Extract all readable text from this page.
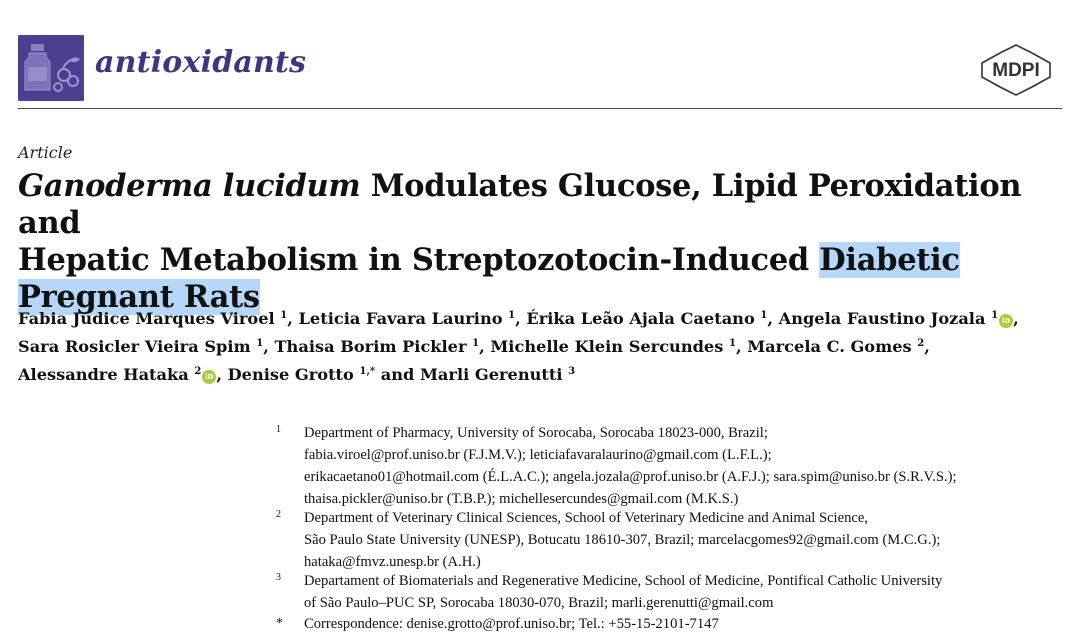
antioxidants	MDPI
Article
Ganoderma lucidum Modulates Glucose, Lipid Peroxidation and
Hepatic Metabolism in Streptozotocin-Induced Diabetic
Pregnant Rats
Fabia Judice Marques Viroel $^1$, Leticia Favara Laurino $^1$, Érika Leão Ajala Caetano $^1$, Angela Faustino Jozala $^1$ iD ,
Sara Rosicler Vieira Spim $^1$, Thaisa Borim Pickler $^1$, Michelle Klein Sercundes $^1$, Marcela C. Gomes $^2$,
Alessandre Hataka $^2$ iD , Denise Grotto $^{1,*}$ and Marli Gerenutti $^3$
1 Department of Pharmacy, University of Sorocaba, Sorocaba 18023-000, Brazil;
fabia.viroel@prof.uniso.br (F.J.M.V.); leticiafavaralaurino@gmail.com (L.F.L.);
erikacaetano01@hotmail.com (É.L.A.C.); angela.jozala@prof.uniso.br (A.F.J.); sara.spim@uniso.br (S.R.V.S.);
thaisa.pickler@uniso.br (T.B.P.); michellesercundes@gmail.com (M.K.S.)
2 Department of Veterinary Clinical Sciences, School of Veterinary Medicine and Animal Science,
São Paulo State University (UNESP), Botucatu 18610-307, Brazil; marcelacgomes92@gmail.com (M.C.G.);
hataka@fmvz.unesp.br (A.H.)
3 Departament of Biomaterials and Regenerative Medicine, School of Medicine, Pontifical Catholic University
of São Paulo–PUC SP, Sorocaba 18030-070, Brazil; marli.gerenutti@gmail.com
* Correspondence: denise.grotto@prof.uniso.br; Tel.: +55-15-2101-7147
